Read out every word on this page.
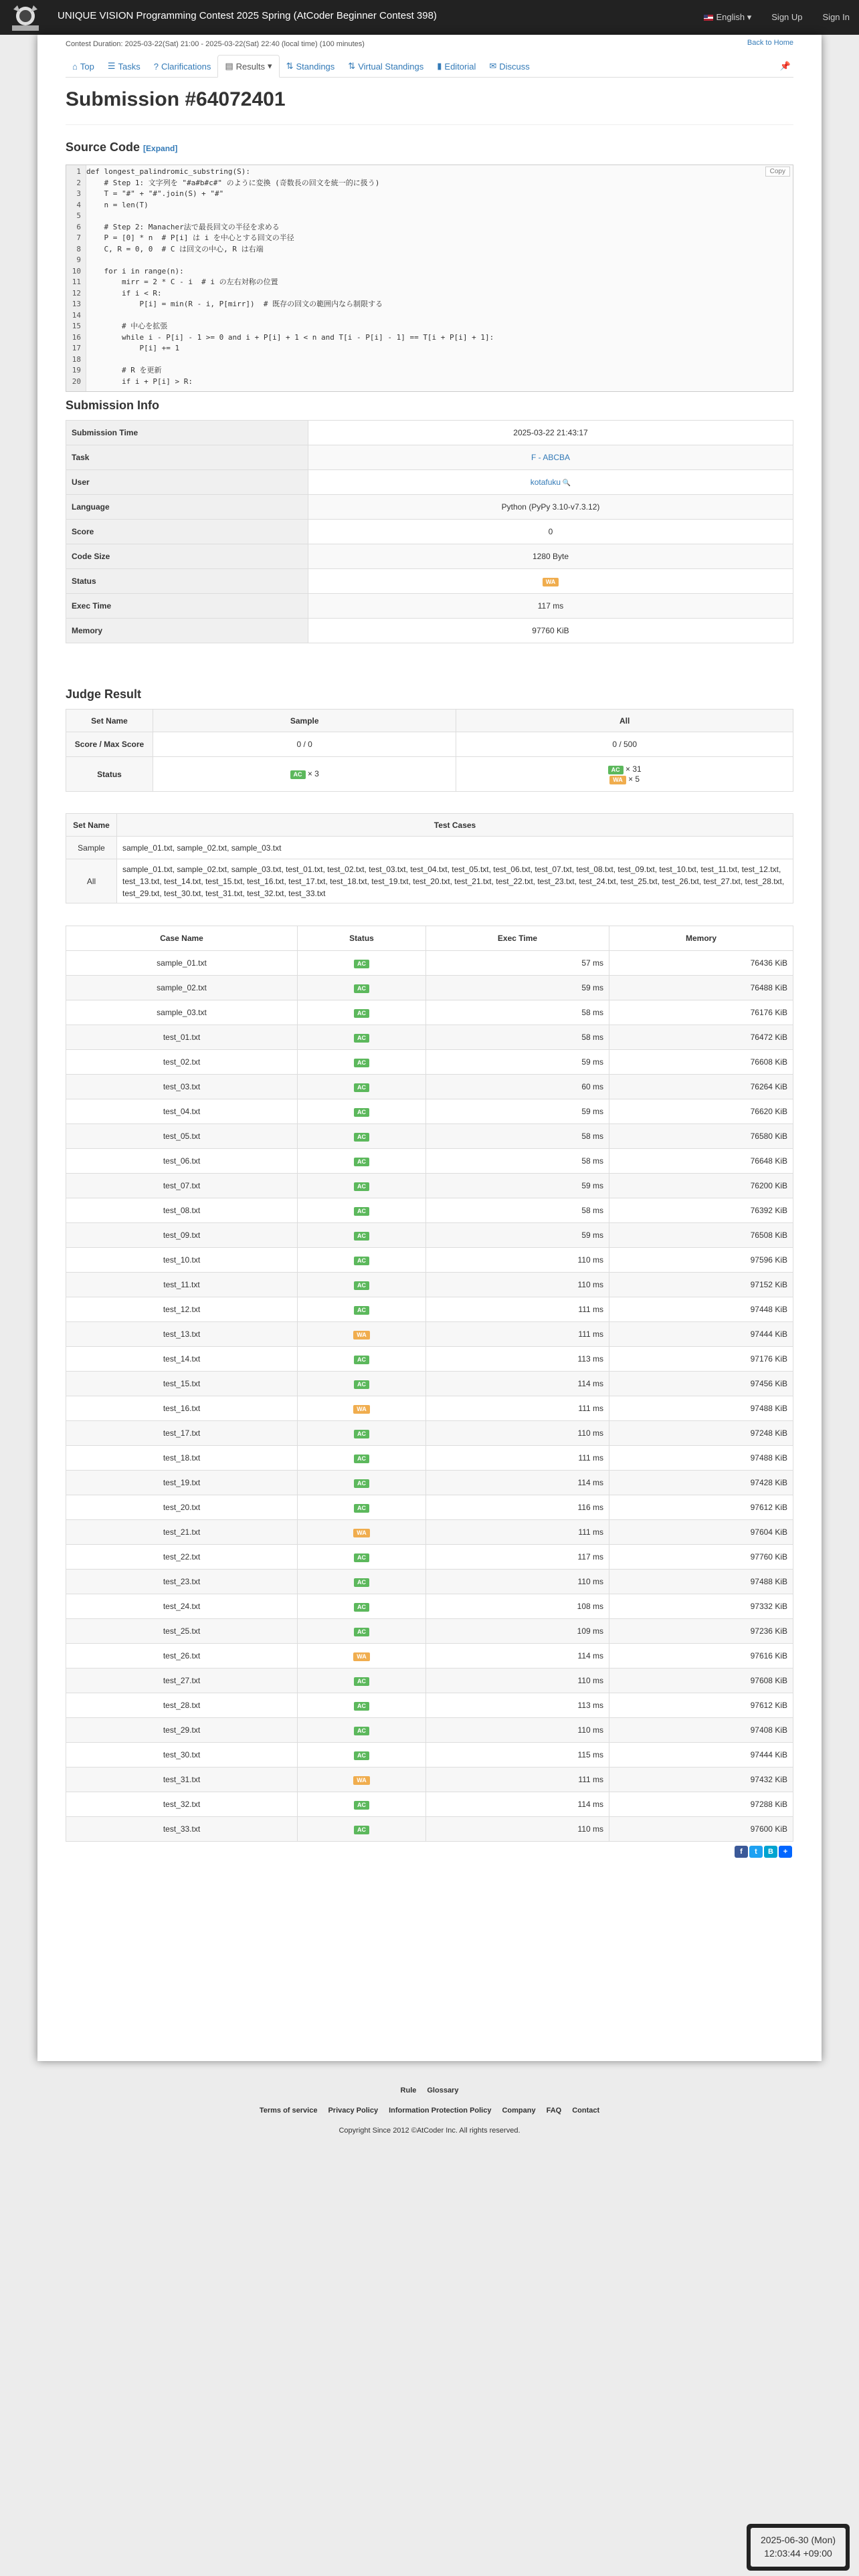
UNIQUE VISION Programming Contest 2025 Spring (AtCoder Beginner Contest 398)	English ▾ Sign Up Sign In
Contest Duration: 2025-03-22(Sat) 21:00 - 2025-03-22(Sat) 22:40 (local time) (100 minutes)	Back to Home
⌂ Top ☰ Tasks ? Clarifications ▤ Results ▾	⇅ Standings ⇅ Virtual Standings ▮ Editorial ✉ Discuss	📌
Submission #64072401
Source Code [Expand]
1 def longest_palindromic_substring(S):
2    # Step 1: 文字列を "#a#b#c#" のように変換 (奇数長の回文を統一的に扱う)
3    T = "#" + "#".join(S) + "#"
4    n = len(T)
5
6    # Step 2: Manacher法で最長回文の半径を求める
7    P = [0] * n  # P[i] は i を中心とする回文の半径
8    C, R = 0, 0  # C は回文の中心, R は右端
9
10    for i in range(n):
11        mirr = 2 * C - i  # i の左右対称の位置
12        if i < R:
13            P[i] = min(R - i, P[mirr])  # 既存の回文の範囲内なら制限する
14
15        # 中心を拡張
16        while i - P[i] - 1 >= 0 and i + P[i] + 1 < n and T[i - P[i] - 1] == T[i + P[i] + 1]:
17            P[i] += 1
18
19        # R を更新
20        if i + P[i] > R:
Copy
Submission Info
Submission Time	2025-03-22 21:43:17
Task	F - ABCBA
User	kotafuku 🔍
Language	Python (PyPy 3.10-v7.3.12)
Score	0
Code Size	1280 Byte
Status	WA
Exec Time	117 ms
Memory	97760 KiB
Judge Result
Set Name	Sample	All
Score / Max Score	0 / 0	0 / 500
Status	AC × 3	AC × 31
WA × 5
Set Name	Test Cases
Sample	sample_01.txt, sample_02.txt, sample_03.txt
All	sample_01.txt, sample_02.txt, sample_03.txt, test_01.txt, test_02.txt, test_03.txt, test_04.txt, test_05.txt, test_06.txt, test_07.txt, test_08.txt, test_09.txt, test_10.txt, test_11.txt, test_12.txt, test_13.txt, test_14.txt, test_15.txt, test_16.txt, test_17.txt, test_18.txt, test_19.txt, test_20.txt, test_21.txt, test_22.txt, test_23.txt, test_24.txt, test_25.txt, test_26.txt, test_27.txt, test_28.txt, test_29.txt, test_30.txt, test_31.txt, test_32.txt, test_33.txt
Case Name	Status	Exec Time	Memory
sample_01.txt	AC	57 ms	76436 KiB
sample_02.txt	AC	59 ms	76488 KiB
sample_03.txt	AC	58 ms	76176 KiB
test_01.txt	AC	58 ms	76472 KiB
test_02.txt	AC	59 ms	76608 KiB
test_03.txt	AC	60 ms	76264 KiB
test_04.txt	AC	59 ms	76620 KiB
test_05.txt	AC	58 ms	76580 KiB
test_06.txt	AC	58 ms	76648 KiB
test_07.txt	AC	59 ms	76200 KiB
test_08.txt	AC	58 ms	76392 KiB
test_09.txt	AC	59 ms	76508 KiB
test_10.txt	AC	110 ms	97596 KiB
test_11.txt	AC	110 ms	97152 KiB
test_12.txt	AC	111 ms	97448 KiB
test_13.txt	WA	111 ms	97444 KiB
test_14.txt	AC	113 ms	97176 KiB
test_15.txt	AC	114 ms	97456 KiB
test_16.txt	WA	111 ms	97488 KiB
test_17.txt	AC	110 ms	97248 KiB
test_18.txt	AC	111 ms	97488 KiB
test_19.txt	AC	114 ms	97428 KiB
test_20.txt	AC	116 ms	97612 KiB
test_21.txt	WA	111 ms	97604 KiB
test_22.txt	AC	117 ms	97760 KiB
test_23.txt	AC	110 ms	97488 KiB
test_24.txt	AC	108 ms	97332 KiB
test_25.txt	AC	109 ms	97236 KiB
test_26.txt	WA	114 ms	97616 KiB
test_27.txt	AC	110 ms	97608 KiB
test_28.txt	AC	113 ms	97612 KiB
test_29.txt	AC	110 ms	97408 KiB
test_30.txt	AC	115 ms	97444 KiB
test_31.txt	WA	111 ms	97432 KiB
test_32.txt	AC	114 ms	97288 KiB
test_33.txt	AC	110 ms	97600 KiB
f	t	B	+
Rule Glossary
Terms of service Privacy Policy Information Protection Policy Company FAQ Contact
Copyright Since 2012 ©AtCoder Inc. All rights reserved.
2025-06-30 (Mon)
12:03:44 +09:00
